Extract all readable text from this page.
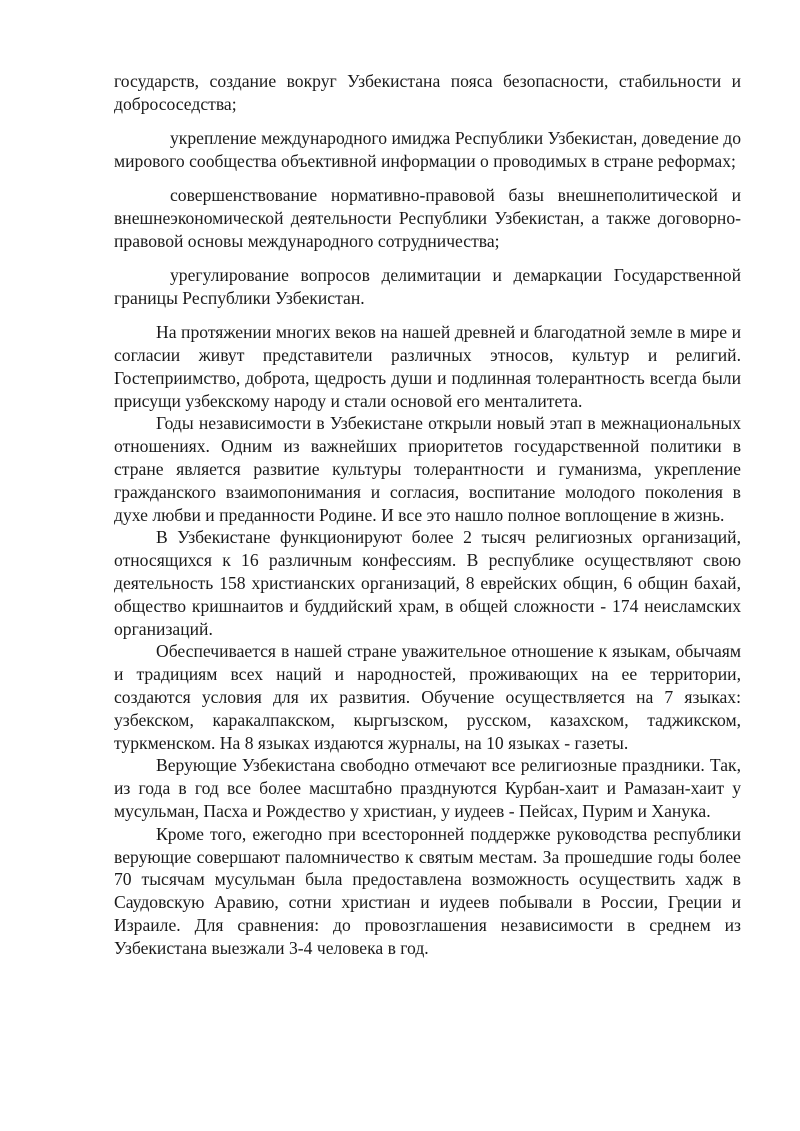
государств, создание вокруг Узбекистана пояса безопасности, стабильности и добрососедства;

укрепление международного имиджа Республики Узбекистан, доведение до мирового сообщества объективной информации о проводимых в стране реформах;

совершенствование нормативно-правовой базы внешнеполитической и внешнеэкономической деятельности Республики Узбекистан, а также договорно-правовой основы международного сотрудничества;

урегулирование вопросов делимитации и демаркации Государственной границы Республики Узбекистан.

На протяжении многих веков на нашей древней и благодатной земле в мире и согласии живут представители различных этносов, культур и религий. Гостеприимство, доброта, щедрость души и подлинная толерантность всегда были присущи узбекскому народу и стали основой его менталитета.

Годы независимости в Узбекистане открыли новый этап в межнациональных отношениях. Одним из важнейших приоритетов государственной политики в стране является развитие культуры толерантности и гуманизма, укрепление гражданского взаимопонимания и согласия, воспитание молодого поколения в духе любви и преданности Родине. И все это нашло полное воплощение в жизнь.

В Узбекистане функционируют более 2 тысяч религиозных организаций, относящихся к 16 различным конфессиям. В республике осуществляют свою деятельность 158 христианских организаций, 8 еврейских общин, 6 общин бахай, общество кришнаитов и буддийский храм, в общей сложности - 174 неисламских организаций.

Обеспечивается в нашей стране уважительное отношение к языкам, обычаям и традициям всех наций и народностей, проживающих на ее территории, создаются условия для их развития. Обучение осуществляется на 7 языках: узбекском, каракалпакском, кыргызском, русском, казахском, таджикском, туркменском. На 8 языках издаются журналы, на 10 языках - газеты.

Верующие Узбекистана свободно отмечают все религиозные праздники. Так, из года в год все более масштабно празднуются Курбан-хаит и Рамазан-хаит у мусульман, Пасха и Рождество у христиан, у иудеев - Пейсах, Пурим и Ханука.

Кроме того, ежегодно при всесторонней поддержке руководства республики верующие совершают паломничество к святым местам. За прошедшие годы более 70 тысячам мусульман была предоставлена возможность осуществить хадж в Саудовскую Аравию, сотни христиан и иудеев побывали в России, Греции и Израиле. Для сравнения: до провозглашения независимости в среднем из Узбекистана выезжали 3-4 человека в год.
